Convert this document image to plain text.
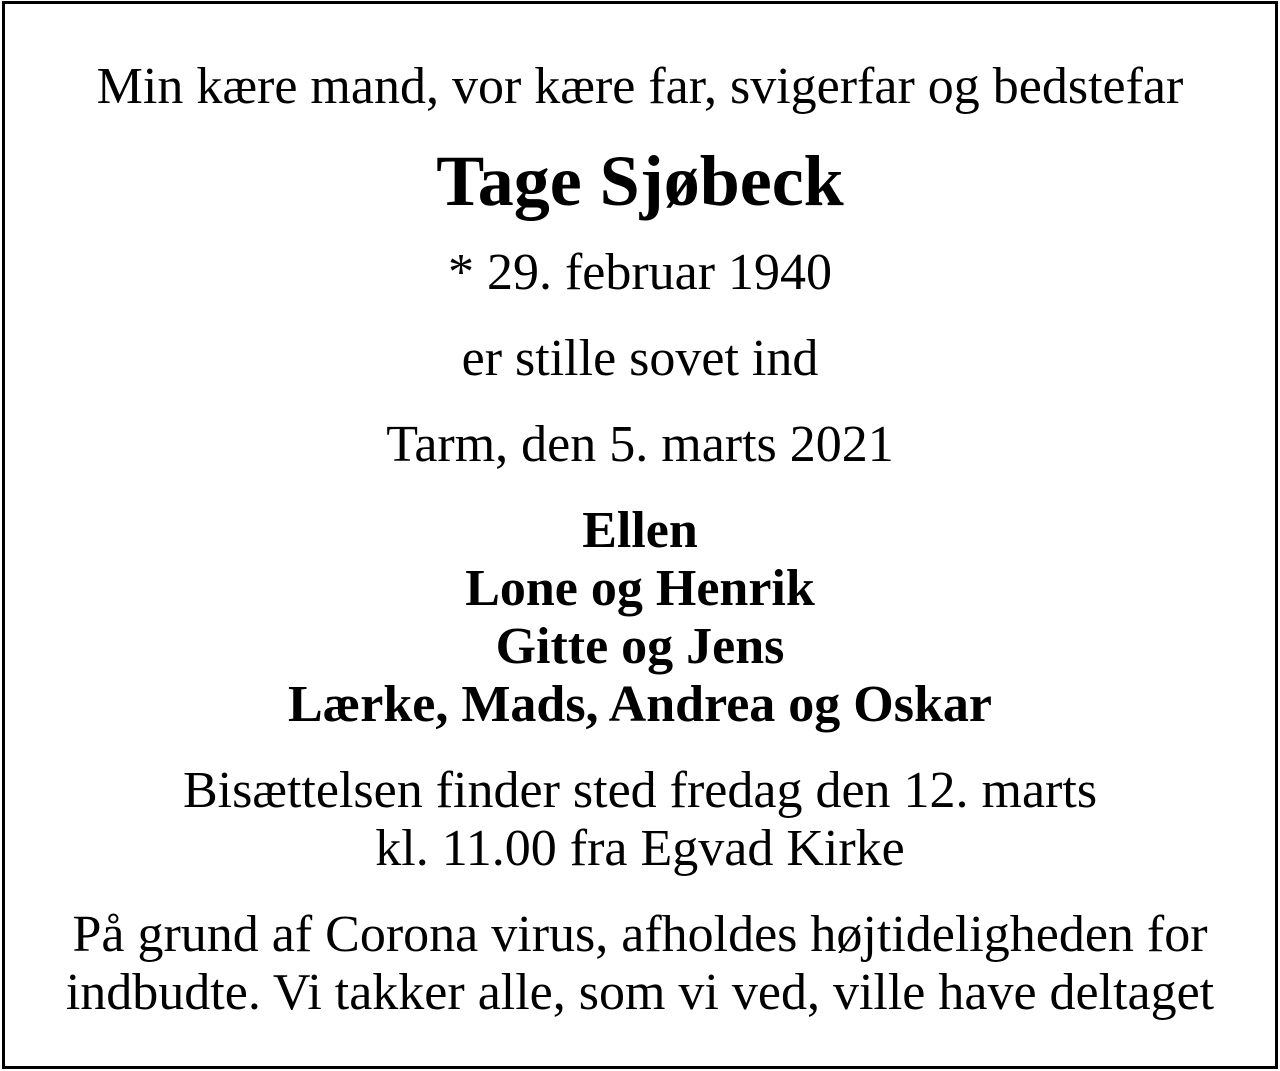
Min kære mand, vor kære far, svigerfar og bedstefar

Tage Sjøbeck

* 29. februar 1940

er stille sovet ind

Tarm, den 5. marts 2021

Ellen

Lone og Henrik

Gitte og Jens

Lærke, Mads, Andrea og Oskar

Bisættelsen finder sted fredag den 12. marts

kl. 11.00 fra Egvad Kirke

På grund af Corona virus, afholdes højtideligheden for

indbudte. Vi takker alle, som vi ved, ville have deltaget
